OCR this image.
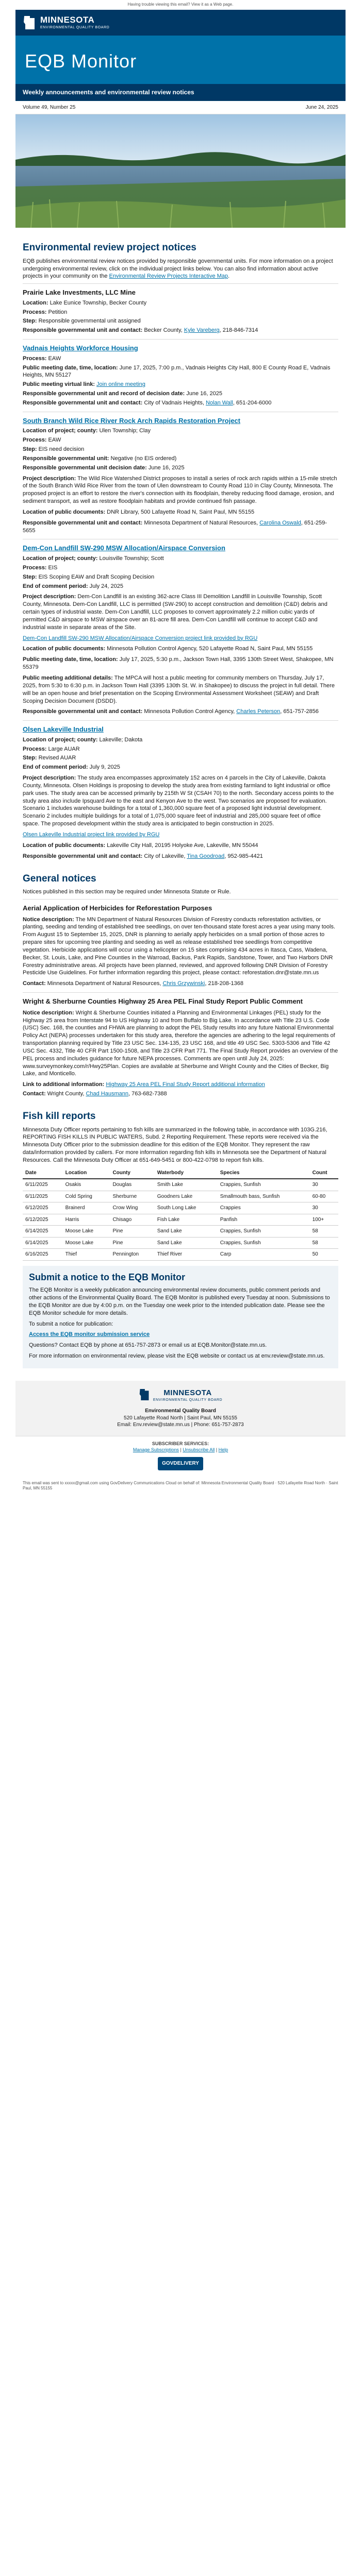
Having trouble viewing this email? View it as a Web page.
MINNESOTA
ENVIRONMENTAL QUALITY BOARD
EQB Monitor
Weekly announcements and environmental review notices
Volume 49, Number 25	June 24, 2025
Environmental review project notices

EQB publishes environmental review notices provided by responsible governmental units. For more information on a project undergoing environmental review, click on the individual project links below. You can also find information about active projects in your community on the Environmental Review Projects Interactive Map.

Prairie Lake Investments, LLC Mine
Location: Lake Eunice Township, Becker County
Process: Petition
Step: Responsible governmental unit assigned
Responsible governmental unit and contact: Becker County, Kyle Vareberg, 218-846-7314
Vadnais Heights Workforce Housing
Process: EAW
Public meeting date, time, location: June 17, 2025, 7:00 p.m., Vadnais Heights City Hall, 800 E County Road E, Vadnais Heights, MN 55127
Public meeting virtual link: Join online meeting
Responsible governmental unit and record of decision date: June 16, 2025
Responsible governmental unit and contact: City of Vadnais Heights, Nolan Wall, 651-204-6000
South Branch Wild Rice River Rock Arch Rapids Restoration Project
Location of project; county: Ulen Township; Clay
Process: EAW
Step: EIS need decision
Responsible governmental unit: Negative (no EIS ordered)
Responsible governmental unit decision date: June 16, 2025
Project description: The Wild Rice Watershed District proposes to install a series of rock arch rapids within a 15-mile stretch of the South Branch Wild Rice River from the town of Ulen downstream to County Road 110 in Clay County, Minnesota. The proposed project is an effort to restore the river's connection with its floodplain, thereby reducing flood damage, erosion, and sediment transport, as well as restore floodplain habitats and provide continued fish passage.
Location of public documents: DNR Library, 500 Lafayette Road N, Saint Paul, MN 55155
Responsible governmental unit and contact: Minnesota Department of Natural Resources, Carolina Oswald, 651-259-5655
Dem-Con Landfill SW-290 MSW Allocation/Airspace Conversion
Location of project; county: Louisville Township; Scott
Process: EIS
Step: EIS Scoping EAW and Draft Scoping Decision
End of comment period: July 24, 2025
Project description: Dem-Con Landfill is an existing 362-acre Class III Demolition Landfill in Louisville Township, Scott County, Minnesota. Dem-Con Landfill, LLC is permitted (SW-290) to accept construction and demolition (C&D) debris and certain types of industrial waste. Dem-Con Landfill, LLC proposes to convert approximately 2.2 million cubic yards of permitted C&D airspace to MSW airspace over an 81-acre fill area. Dem-Con Landfill will continue to accept C&D and industrial waste in separate areas of the Site.
Dem-Con Landfill SW-290 MSW Allocation/Airspace Conversion project link provided by RGU
Location of public documents: Minnesota Pollution Control Agency, 520 Lafayette Road N, Saint Paul, MN 55155
Public meeting date, time, location: July 17, 2025, 5:30 p.m., Jackson Town Hall, 3395 130th Street West, Shakopee, MN 55379
Public meeting additional details: The MPCA will host a public meeting for community members on Thursday, July 17, 2025, from 5:30 to 6:30 p.m. in Jackson Town Hall (3395 130th St. W. in Shakopee) to discuss the project in full detail. There will be an open house and brief presentation on the Scoping Environmental Assessment Worksheet (SEAW) and Draft Scoping Decision Document (DSDD).
Responsible governmental unit and contact: Minnesota Pollution Control Agency, Charles Peterson, 651-757-2856
Olsen Lakeville Industrial
Location of project; county: Lakeville; Dakota
Process: Large AUAR
Step: Revised AUAR
End of comment period: July 9, 2025
Project description: The study area encompasses approximately 152 acres on 4 parcels in the City of Lakeville, Dakota County, Minnesota. Olsen Holdings is proposing to develop the study area from existing farmland to light industrial or office park uses. The study area can be accessed primarily by 215th W St (CSAH 70) to the north. Secondary access points to the study area also include Ipsquard Ave to the east and Kenyon Ave to the west. Two scenarios are proposed for evaluation. Scenario 1 includes warehouse buildings for a total of 1,360,000 square feet of a proposed light industrial development. Scenario 2 includes multiple buildings for a total of 1,075,000 square feet of industrial and 285,000 square feet of office space. The proposed development within the study area is anticipated to begin construction in 2025.
Olsen Lakeville Industrial project link provided by RGU
Location of public documents: Lakeville City Hall, 20195 Holyoke Ave, Lakeville, MN 55044
Responsible governmental unit and contact: City of Lakeville, Tina Goodroad, 952-985-4421
General notices

Notices published in this section may be required under Minnesota Statute or Rule.

Aerial Application of Herbicides for Reforestation Purposes
Notice description: The MN Department of Natural Resources Division of Forestry conducts reforestation activities, or planting, seeding and tending of established tree seedlings, on over ten-thousand state forest acres a year using many tools. From August 15 to September 15, 2025, DNR is planning to aerially apply herbicides on a small portion of those acres to prepare sites for upcoming tree planting and seeding as well as release established tree seedlings from competitive vegetation. Herbicide applications will occur using a helicopter on 15 sites comprising 434 acres in Itasca, Cass, Wadena, Becker, St. Louis, Lake, and Pine Counties in the Warroad, Backus, Park Rapids, Sandstone, Tower, and Two Harbors DNR Forestry administrative areas. All projects have been planned, reviewed, and approved following DNR Division of Forestry Pesticide Use Guidelines. For further information regarding this project, please contact: reforestation.dnr@state.mn.us
Contact: Minnesota Department of Natural Resources, Chris Grzywinski, 218-208-1368
Wright & Sherburne Counties Highway 25 Area PEL Final Study Report Public Comment
Notice description: Wright & Sherburne Counties initiated a Planning and Environmental Linkages (PEL) study for the Highway 25 area from Interstate 94 to US Highway 10 and from Buffalo to Big Lake. In accordance with Title 23 U.S. Code (USC) Sec. 168, the counties and FHWA are planning to adopt the PEL Study results into any future National Environmental Policy Act (NEPA) processes undertaken for this study area, therefore the agencies are adhering to the legal requirements of transportation planning required by Title 23 USC Sec. 134-135, 23 USC 168, and title 49 USC Sec. 5303-5306 and Title 42 USC Sec. 4332, Title 40 CFR Part 1500-1508, and Title 23 CFR Part 771. The Final Study Report provides an overview of the PEL process and includes guidance for future NEPA processes. Comments are open until July 24, 2025: www.surveymonkey.com/r/Hwy25Plan. Copies are available at Sherburne and Wright County and the Cities of Becker, Big Lake, and Monticello.
Link to additional information: Highway 25 Area PEL Final Study Report additional information
Contact: Wright County, Chad Hausmann, 763-682-7388
Fish kill reports

Minnesota Duty Officer reports pertaining to fish kills are summarized in the following table, in accordance with 103G.216, REPORTING FISH KILLS IN PUBLIC WATERS, Subd. 2 Reporting Requirement. These reports were received via the Minnesota Duty Officer prior to the submission deadline for this edition of the EQB Monitor. They represent the raw data/information provided by callers. For more information regarding fish kills in Minnesota see the Department of Natural Resources. Call the Minnesota Duty Officer at 651-649-5451 or 800-422-0798 to report fish kills.

Date	Location	County	Waterbody	Species	Count
6/11/2025	Osakis	Douglas	Smith Lake	Crappies, Sunfish	30
6/11/2025	Cold Spring	Sherburne	Goodners Lake	Smallmouth bass, Sunfish	60-80
6/12/2025	Brainerd	Crow Wing	South Long Lake	Crappies	30
6/12/2025	Harris	Chisago	Fish Lake	Panfish	100+
6/14/2025	Moose Lake	Pine	Sand Lake	Crappies, Sunfish	58
6/14/2025	Moose Lake	Pine	Sand Lake	Crappies, Sunfish	58
6/16/2025	Thief	Pennington	Thief River	Carp	50
Submit a notice to the EQB Monitor

The EQB Monitor is a weekly publication announcing environmental review documents, public comment periods and other actions of the Environmental Quality Board. The EQB Monitor is published every Tuesday at noon. Submissions to the EQB Monitor are due by 4:00 p.m. on the Tuesday one week prior to the intended publication date. Please see the EQB Monitor schedule for more details.

To submit a notice for publication:

Access the EQB monitor submission service

Questions? Contact EQB by phone at 651-757-2873 or email us at EQB.Monitor@state.mn.us.

For more information on environmental review, please visit the EQB website or contact us at env.review@state.mn.us.

MINNESOTA
ENVIRONMENTAL QUALITY BOARD
Environmental Quality Board
520 Lafayette Road North | Saint Paul, MN 55155
Email: Env.review@state.mn.us | Phone: 651-757-2873
SUBSCRIBER SERVICES:
Manage Subscriptions | Unsubscribe All | Help
GOVDELIVERY
This email was sent to xxxxx@gmail.com using GovDelivery Communications Cloud on behalf of: Minnesota Environmental Quality Board · 520 Lafayette Road North · Saint Paul, MN 55155
